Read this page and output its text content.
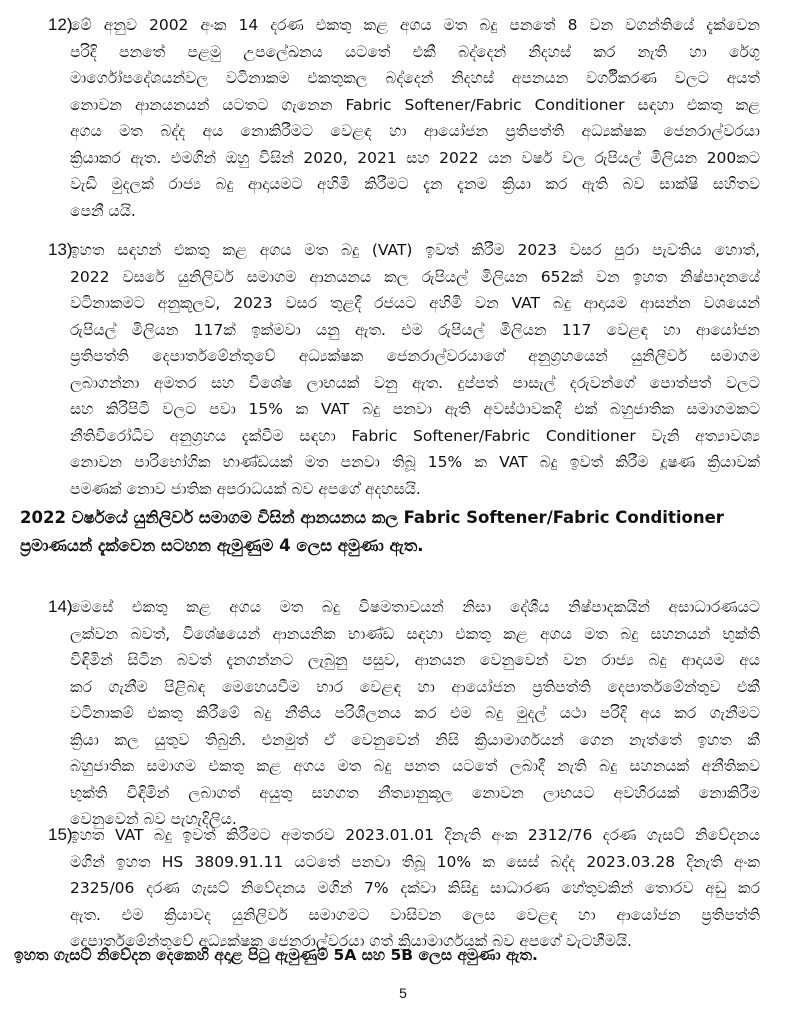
12)
මේ අනුව 2002 අංක 14 දරණ එකතු කළ අගය මත බදු පනතේ 8 වන වගන්තියේ දැක්වෙන
පරිදි පනතේ පළමු උපලේඛනය යටතේ එකී බද්දෙන් නිදහස් කර නැති හා රේගු
මාර්ගෝපදේශයන්වල වටිනාකම එකතුකල බද්දෙන් නිදහස් අපනයන වර්ගීකරණ වලට අයත්
නොවන ආනයනයන් යටතට ගැනෙන Fabric Softener/Fabric Conditioner සඳහා එකතු කළ
අගය මත බද්ද අය නොකිරීමට වෙළඳ හා ආයෝජන ප්‍රතිපත්ති අධ්‍යක්ෂක ජෙනරාල්වරයා
ක්‍රියාකර ඇත. එමගින් ඔහු විසින් 2020, 2021 සහ 2022 යන වර්ෂ වල රුපියල් මිලියන 200කට
වැඩි මුදලක් රාජ්‍ය බදු ආදායමට අහිමි කිරීමට දැන දැනම ක්‍රියා කර ඇති බව සාක්ෂි සහිතව
පෙනී යයි.
13)
ඉහත සඳහන් එකතු කළ අගය මත බදු (VAT) ඉවත් කිරීම 2023 වසර පුරා පැවතිය හොත්,
2022 වසරේ යුනිලිවර් සමාගම ආනයනය කල රුපියල් මිලියන 652ක් වන ඉහත නිෂ්පාදනයේ
වටිනාකමට අනුකූලව, 2023 වසර තුළදී රජයට අහිමි වන VAT බදු ආදායම ආසන්න වශයෙන්
රුපියල් මිලියන 117ක් ඉක්මවා යනු ඇත. එම රුපියල් මිලියන 117 වෙළඳ හා ආයෝජන
ප්‍රතිපත්ති දෙපාර්තමේන්තුවේ අධ්‍යක්ෂක ජෙනරාල්වරයාගේ අනුග්‍රහයෙන් යුනිලීවර් සමාගම
ලබාගන්නා අමතර සහ විශේෂ ලාභයක් වනු ඇත. දුප්පත් පාසැල් දරුවන්ගේ පොත්පත් වලට
සහ කිරිපිටි වලට පවා 15% ක VAT බදු පනවා ඇති අවස්ථාවකදී එක් බහුජාතික සමාගමකට
නීතිවිරෝධීව අනුග්‍රහය දැක්වීම සඳහා Fabric Softener/Fabric Conditioner වැනි අත්‍යාවශ්‍ය
නොවන පාරිභෝගික භාණ්ඩයක් මත පනවා තිබූ 15% ක VAT බදු ඉවත් කිරීම දූෂණ ක්‍රියාවක්
පමණක් නොව ජාතික අපරාධයක් බව අපගේ අදහසයි.
2022 වර්ෂයේ යුනිලිවර් සමාගම විසින් ආනයනය කල Fabric Softener/Fabric Conditioner
ප්‍රමාණයන් දැක්වෙන සටහන ඇමුණුම 4 ලෙස අමුණා ඇත.
14)
මෙසේ එකතු කළ අගය මත බදු විෂමතාවයන් නිසා දේශීය නිෂ්පාදකයින් අසාධාරණයට
ලක්වන බවත්, විශේෂයෙන් ආනයනික භාණ්ඩ සඳහා එකතු කළ අගය මත බදු සහනයන් භුක්ති
විඳිමින් සිටින බවත් දැනගන්නට ලැබුනු පසුව, ආනයන වෙනුවෙන් වන රාජ්‍ය බදු ආදායම අය
කර ගැනීම පිළිබඳ මෙහෙයවීම භාර වෙළඳ හා ආයෝජන ප්‍රතිපත්ති දෙපාර්තමේන්තුව එකී
වටිනාකම් එකතු කිරීමේ බදු නීතිය පරිශීලනය කර එම බදු මුදල් යථා පරිදි අය කර ගැනීමට
ක්‍රියා කල යුතුව තිබුනි. එනමුත් ඒ වෙනුවෙන් නිසි ක්‍රියාමාර්ගයන් ගෙන නැත්තේ ඉහත කී
බහුජාතික සමාගම එකතු කළ අගය මත බදු පනත යටතේ ලබාදී නැති බදු සහනයක් අනීතිකව
භුක්ති විඳිමින් ලබාගත් අයුතු සහගත නීත්‍යානුකූල නොවන ලාභයට අවහිරයක් නොකිරීම
වෙනුවෙන් බව පැහැදිලිය.
15)
ඉහත VAT බදු ඉවත් කිරීමට අමතරව 2023.01.01 දිනැති අංක 2312/76 දරණ ගැසට් නිවේදනය
මගින් ඉහත HS 3809.91.11 යටතේ පනවා තිබූ 10% ක සෙස් බද්ද 2023.03.28 දිනැති අංක
2325/06 දරණ ගැසට් නිවේදනය මගින් 7% දක්වා කිසිදු සාධාරණ හේතුවකින් තොරව අඩු කර
ඇත. එම ක්‍රියාවද යුනිලිවර් සමාගමට වාසිවන ලෙස වෙළඳ හා ආයෝජන ප්‍රතිපත්ති
දෙපාර්තමේන්තුවේ අධ්‍යක්ෂක ජෙනරාල්වරයා ගත් ක්‍රියාමාර්ගයක් බව අපගේ වැටහීමයි.
ඉහත ගැසට් නිවේදන දෙකෙහි අදාළ පිටු ඇමුණුම් 5A සහ 5B ලෙස අමුණා ඇත.
5
